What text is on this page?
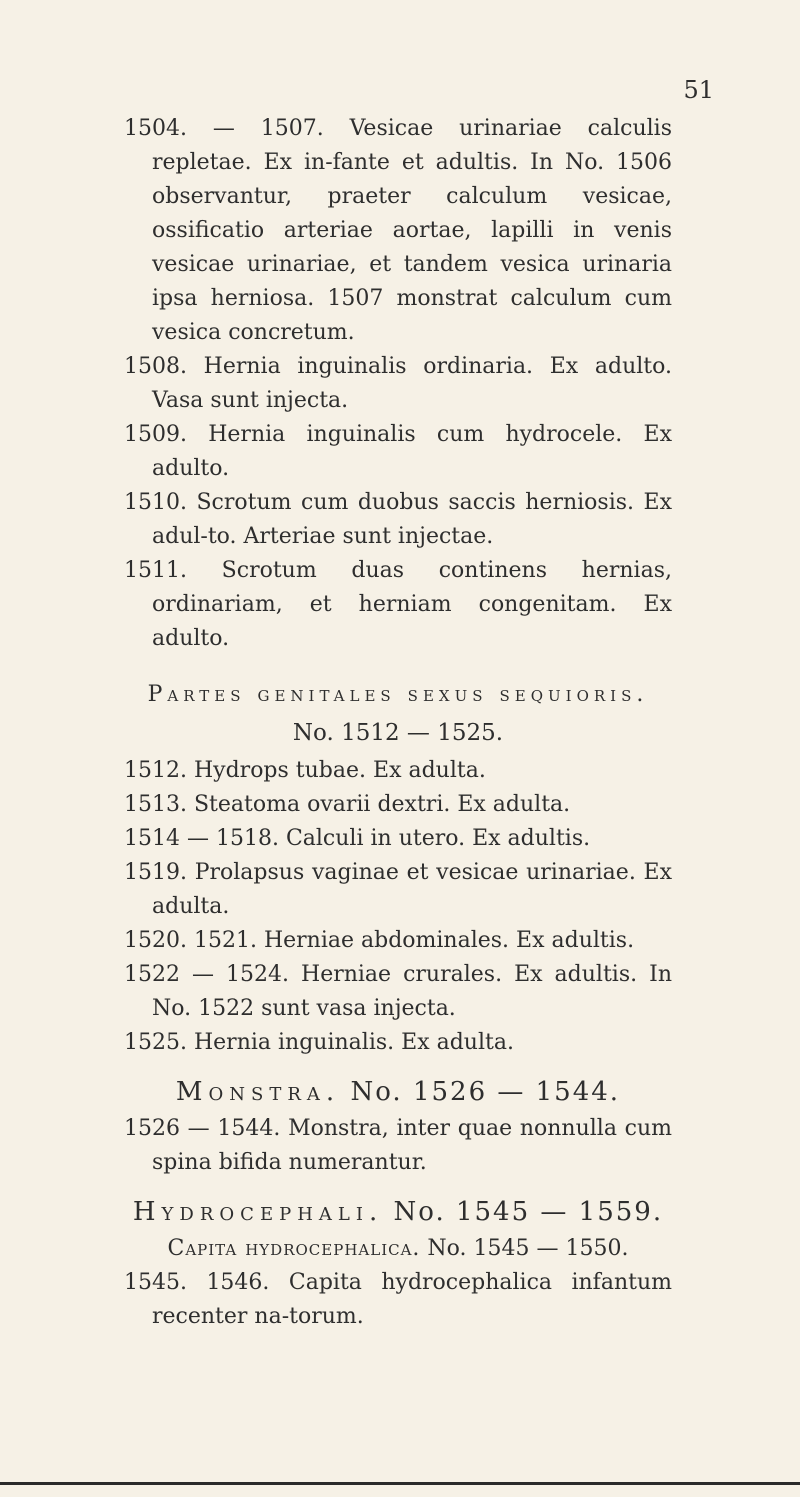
51

1504. — 1507. Vesicae urinariae calculis repletae. Ex in-fante et adultis. In No. 1506 observantur, praeter calculum vesicae, ossificatio arteriae aortae, lapilli in venis vesicae urinariae, et tandem vesica urinaria ipsa herniosa. 1507 monstrat calculum cum vesica concretum.

1508. Hernia inguinalis ordinaria. Ex adulto. Vasa sunt injecta.

1509. Hernia inguinalis cum hydrocele. Ex adulto.

1510. Scrotum cum duobus saccis herniosis. Ex adul-to. Arteriae sunt injectae.

1511. Scrotum duas continens hernias, ordinariam, et herniam congenitam. Ex adulto.

Partes genitales sexus sequioris.
No. 1512 — 1525.

1512. Hydrops tubae. Ex adulta.

1513. Steatoma ovarii dextri. Ex adulta.

1514 — 1518. Calculi in utero. Ex adultis.

1519. Prolapsus vaginae et vesicae urinariae. Ex adulta.

1520. 1521. Herniae abdominales. Ex adultis.

1522 — 1524. Herniae crurales. Ex adultis. In No. 1522 sunt vasa injecta.

1525. Hernia inguinalis. Ex adulta.

Monstra. No. 1526 — 1544.

1526 — 1544. Monstra, inter quae nonnulla cum spina bifida numerantur.

Hydrocephali. No. 1545 — 1559.
Capita hydrocephalica. No. 1545 — 1550.

1545. 1546. Capita hydrocephalica infantum recenter na-torum.
